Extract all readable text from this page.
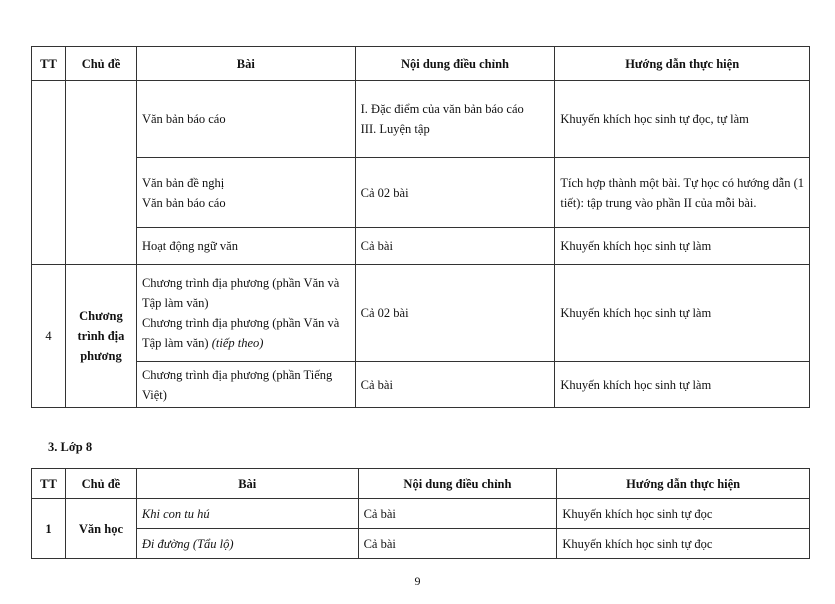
TT	Chủ đề	Bài	Nội dung điều chỉnh	Hướng dẫn thực hiện
		Văn bản báo cáo	I. Đặc điểm của văn bản báo cáo
III. Luyện tập	Khuyến khích học sinh tự đọc, tự làm

		Văn bản đề nghị
Văn bản báo cáo	Cả 02 bài	Tích hợp thành một bài. Tự học có hướng dẫn (1 tiết): tập trung vào phần II của mỗi bài.
		Hoạt động ngữ văn	Cả bài	Khuyến khích học sinh tự làm
4	Chương trình địa phương	Chương trình địa phương (phần Văn và Tập làm văn)
Chương trình địa phương (phần Văn và Tập làm văn) (tiếp theo)	Cả 02 bài	Khuyến khích học sinh tự làm
		Chương trình địa phương (phần Tiếng Việt)	Cả bài	Khuyến khích học sinh tự làm
3. Lớp 8
TT	Chủ đề	Bài	Nội dung điều chỉnh	Hướng dẫn thực hiện
1	Văn học	Khi con tu hú	Cả bài	Khuyến khích học sinh tự đọc
		Đi đường (Tẩu lộ)	Cả bài	Khuyến khích học sinh tự đọc
9
